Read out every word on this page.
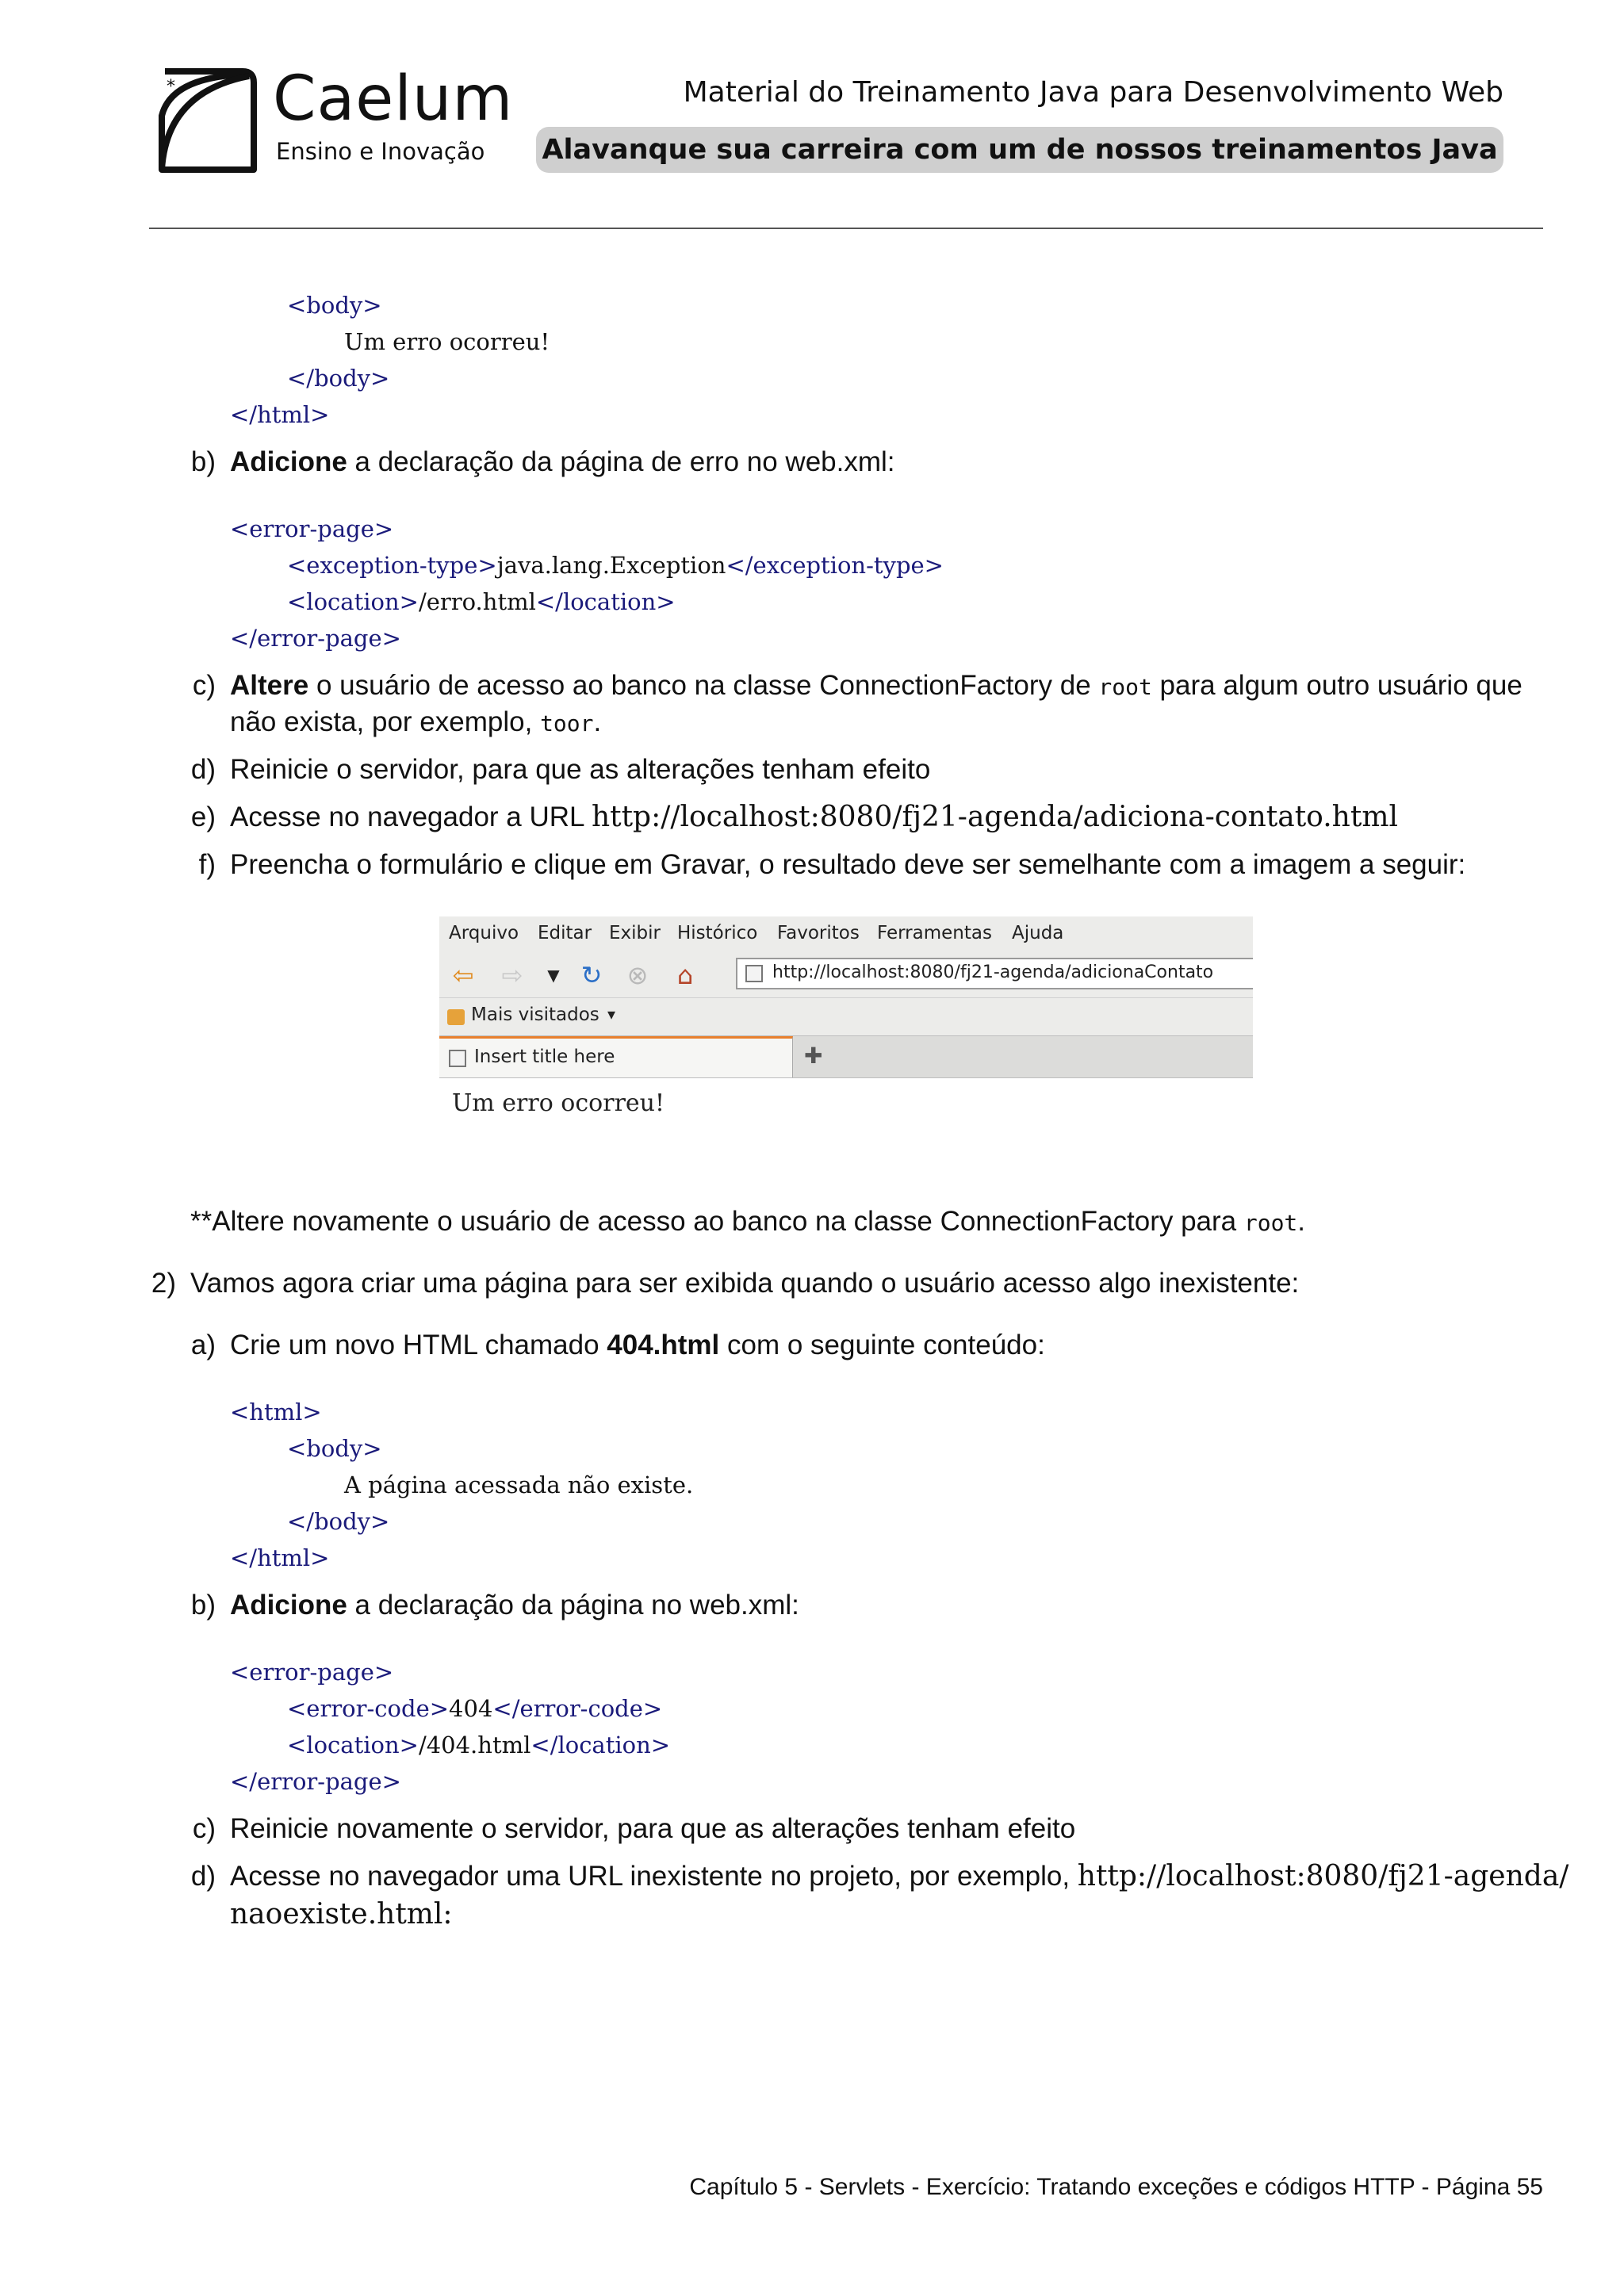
* Caelum
Ensino e Inovação
Material do Treinamento Java para Desenvolvimento Web
Alavanque sua carreira com um de nossos treinamentos Java
<body>
Um erro ocorreu!
</body>
</html>
b) Adicione a declaração da página de erro no web.xml:
<error-page>
<exception-type>java.lang.Exception</exception-type>
<location>/erro.html</location>
</error-page>
c) Altere o usuário de acesso ao banco na classe ConnectionFactory de root para algum outro usuário que
não exista, por exemplo, toor.
d) Reinicie o servidor, para que as alterações tenham efeito
e) Acesse no navegador a URL http://localhost:8080/fj21-agenda/adiciona-contato.html
f) Preencha o formulário e clique em Gravar, o resultado deve ser semelhante com a imagem a seguir:
Arquivo Editar Exibir Histórico Favoritos Ferramentas Ajuda
⇦ ⇨	▼ ↻ ⊗	⌂	http://localhost:8080/fj21-agenda/adicionaContato
Mais visitados ▾
Insert title here	✚
Um erro ocorreu!
**Altere novamente o usuário de acesso ao banco na classe ConnectionFactory para root.
2) Vamos agora criar uma página para ser exibida quando o usuário acesso algo inexistente:
a) Crie um novo HTML chamado 404.html com o seguinte conteúdo:
<html>
<body>
A página acessada não existe.
</body>
</html>
b) Adicione a declaração da página no web.xml:
<error-page>
<error-code>404</error-code>
<location>/404.html</location>
</error-page>
c) Reinicie novamente o servidor, para que as alterações tenham efeito
d) Acesse no navegador uma URL inexistente no projeto, por exemplo, http://localhost:8080/fj21-agenda/
naoexiste.html:
Capítulo 5 - Servlets - Exercício: Tratando exceções e códigos HTTP - Página 55
